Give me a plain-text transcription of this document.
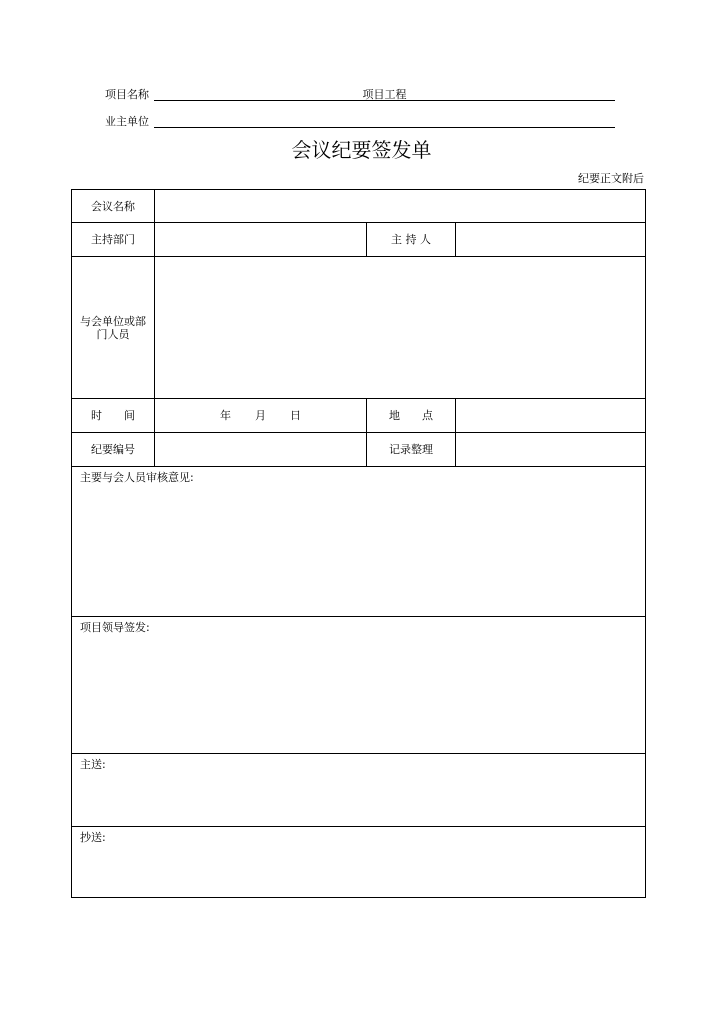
项目名称	项目工程
业主单位
会议纪要签发单
纪要正文附后
会议名称
主持部门	主 持 人
与会单位或部门人员
时　　间	年 月 日	地　　点
纪要编号	记录整理
主要与会人员审核意见:
项目领导签发:
主送:
抄送:
